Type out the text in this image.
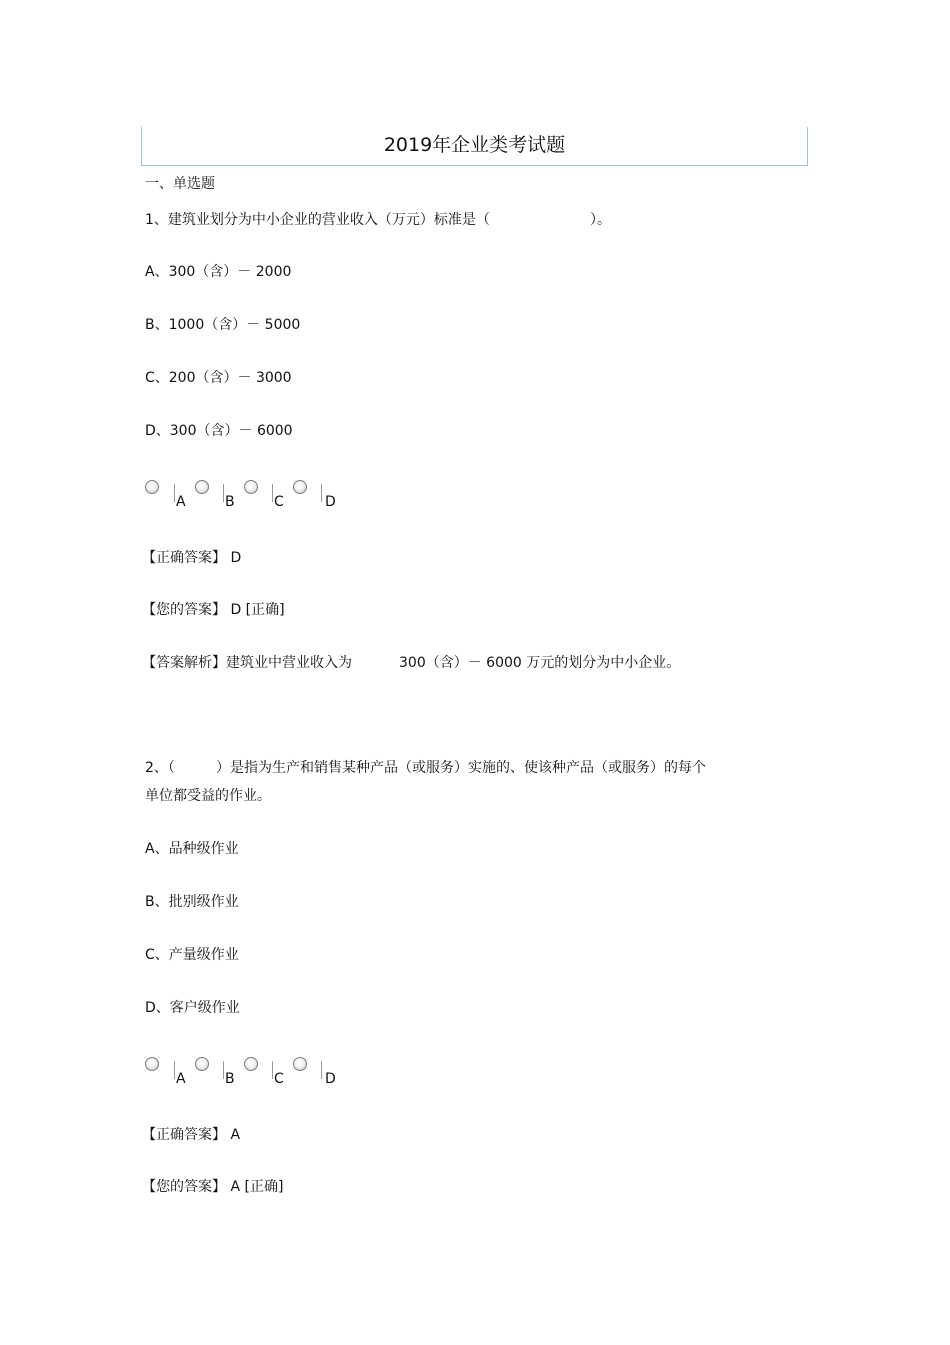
2019年企业类考试题
一、单选题
1、建筑业划分为中小企业的营业收入（万元）标准是（	）。
A、300（含）－ 2000
B、1000（含）－ 5000
C、200（含）－ 3000
D、300（含）－ 6000
A	B	C	D
【正确答案】 D
【您的答案】 D [正确]
【答案解析】建筑业中营业收入为	300（含）－ 6000 万元的划分为中小企业。
2、（	）是指为生产和销售某种产品（或服务）实施的、使该种产品（或服务）的每个
单位都受益的作业。
A、品种级作业
B、批别级作业
C、产量级作业
D、客户级作业
A	B	C	D
【正确答案】 A
【您的答案】 A [正确]
